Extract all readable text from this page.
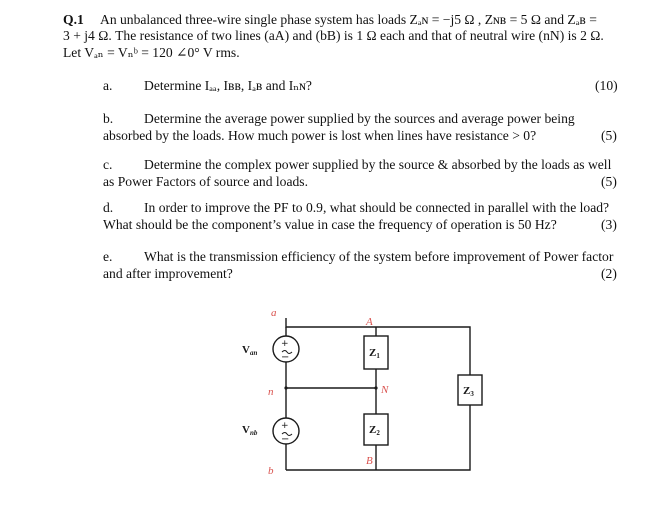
Q.1 An unbalanced three-wire single phase system has loads Zₐɴ = −j5 Ω , Zɴʙ = 5 Ω and Zₐʙ =
3 + j4 Ω. The resistance of two lines (aA) and (bB) is 1 Ω each and that of neutral wire (nN) is 2 Ω.
Let Vₐₙ = Vₙᵇ = 120 ∠0° V rms.
a. Determine Iₐₐ, Iʙʙ, Iₐʙ and Iₙɴ?	(10)
b. Determine the average power supplied by the sources and average power being
absorbed by the loads. How much power is lost when lines have resistance > 0?	(5)
c. Determine the complex power supplied by the source & absorbed by the loads as well
as Power Factors of source and loads.	(5)
d. In order to improve the PF to 0.9, what should be connected in parallel with the load?
What should be the component’s value in case the frequency of operation is 50 Hz?	(3)
e. What is the transmission efficiency of the system before improvement of Power factor
and after improvement?	(2)
+
−
+
−
a
n
b
A
N
B
Van
Vnb
Z1
Z2
Z3
